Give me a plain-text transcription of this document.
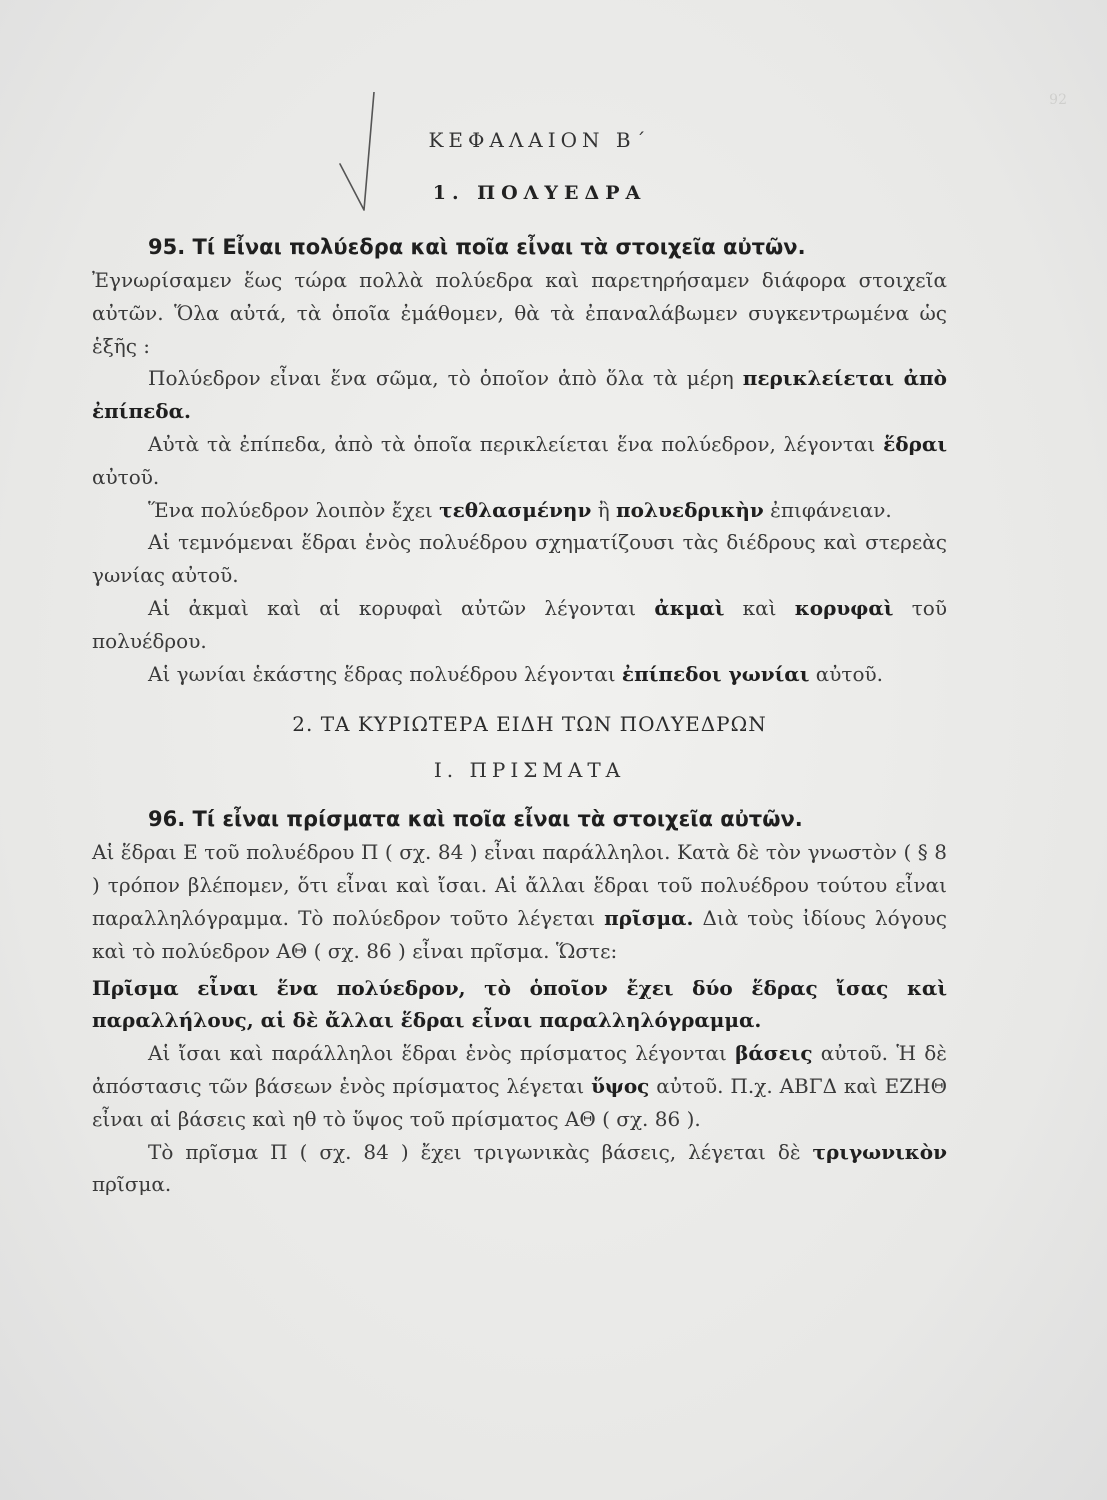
92
ΚΕΦΑΛΑΙΟΝ Β΄
1. ΠΟΛΥΕΔΡΑ

95. Τί Εἶναι πολύεδρα καὶ ποῖα εἶναι τὰ στοιχεῖα αὐτῶν.

Ἐγνωρίσαμεν ἕως τώρα πολλὰ πολύεδρα καὶ παρετηρήσαμεν διάφορα στοιχεῖα αὐτῶν. Ὅλα αὐτά, τὰ ὁποῖα ἐμάθομεν, θὰ τὰ ἐπαναλάβωμεν συγκεντρωμένα ὡς ἑξῆς :

Πολύεδρον εἶναι ἕνα σῶμα, τὸ ὁποῖον ἀπὸ ὅλα τὰ μέρη περικλείεται ἀπὸ ἐπίπεδα.

Αὐτὰ τὰ ἐπίπεδα, ἀπὸ τὰ ὁποῖα περικλείεται ἕνα πολύεδρον, λέγονται ἕδραι αὐτοῦ.

Ἕνα πολύεδρον λοιπὸν ἔχει τεθλασμένην ἢ πολυεδρικὴν ἐπιφάνειαν.

Αἱ τεμνόμεναι ἕδραι ἑνὸς πολυέδρου σχηματίζουσι τὰς διέδρους καὶ στερεὰς γωνίας αὐτοῦ.

Αἱ ἀκμαὶ καὶ αἱ κορυφαὶ αὐτῶν λέγονται ἀκμαὶ καὶ κορυφαὶ τοῦ πολυέδρου.

Αἱ γωνίαι ἑκάστης ἕδρας πολυέδρου λέγονται ἐπίπεδοι γωνίαι αὐτοῦ.

2. ΤΑ ΚΥΡΙΩΤΕΡΑ ΕΙΔΗ ΤΩΝ ΠΟΛΥΕΔΡΩΝ
Ι. ΠΡΙΣΜΑΤΑ

96. Τί εἶναι πρίσματα καὶ ποῖα εἶναι τὰ στοιχεῖα αὐτῶν.

Αἱ ἕδραι Ε τοῦ πολυέδρου Π ( σχ. 84 ) εἶναι παράλληλοι. Κατὰ δὲ τὸν γνωστὸν ( § 8 ) τρόπον βλέπομεν, ὅτι εἶναι καὶ ἴσαι. Αἱ ἄλλαι ἕδραι τοῦ πολυέδρου τούτου εἶναι παραλληλόγραμμα. Τὸ πολύεδρον τοῦτο λέγεται πρῖσμα. Διὰ τοὺς ἰδίους λόγους καὶ τὸ πολύεδρον ΑΘ ( σχ. 86 ) εἶναι πρῖσμα. Ὥστε:

Πρῖσμα εἶναι ἕνα πολύεδρον, τὸ ὁποῖον ἔχει δύο ἕδρας ἴσας καὶ παραλλήλους, αἱ δὲ ἄλλαι ἕδραι εἶναι παραλληλόγραμμα.

Αἱ ἴσαι καὶ παράλληλοι ἕδραι ἑνὸς πρίσματος λέγονται βάσεις αὐτοῦ. Ἡ δὲ ἀπόστασις τῶν βάσεων ἑνὸς πρίσματος λέγεται ὕψος αὐτοῦ. Π.χ. ΑΒΓΔ καὶ ΕΖΗΘ εἶναι αἱ βάσεις καὶ ηθ τὸ ὕψος τοῦ πρίσματος ΑΘ ( σχ. 86 ).

Τὸ πρῖσμα Π ( σχ. 84 ) ἔχει τριγωνικὰς βάσεις, λέγεται δὲ τριγωνικὸν πρῖσμα.
